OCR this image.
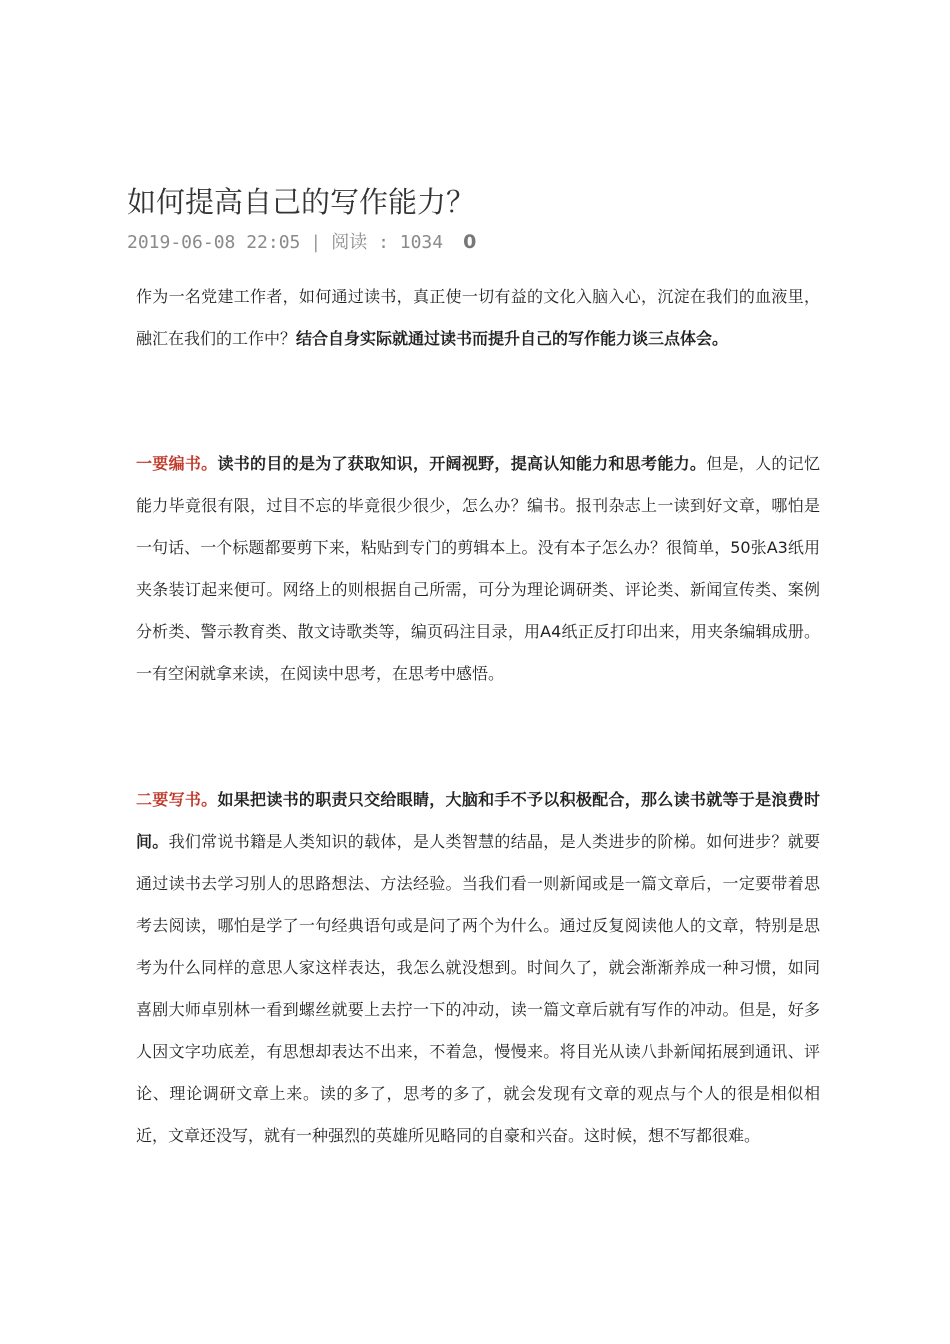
如何提高自己的写作能力？
2019-06-08 22:05 | 阅读 : 1034 0

作为一名党建工作者，如何通过读书，真正使一切有益的文化入脑入心，沉淀在我们的血液里，融汇在我们的工作中？结合自身实际就通过读书而提升自己的写作能力谈三点体会。

一要编书。读书的目的是为了获取知识，开阔视野，提高认知能力和思考能力。但是，人的记忆能力毕竟很有限，过目不忘的毕竟很少很少，怎么办？编书。报刊杂志上一读到好文章，哪怕是一句话、一个标题都要剪下来，粘贴到专门的剪辑本上。没有本子怎么办？很简单，50张A3纸用夹条装订起来便可。网络上的则根据自己所需，可分为理论调研类、评论类、新闻宣传类、案例分析类、警示教育类、散文诗歌类等，编页码注目录，用A4纸正反打印出来，用夹条编辑成册。一有空闲就拿来读，在阅读中思考，在思考中感悟。

二要写书。如果把读书的职责只交给眼睛，大脑和手不予以积极配合，那么读书就等于是浪费时间。我们常说书籍是人类知识的载体，是人类智慧的结晶，是人类进步的阶梯。如何进步？就要通过读书去学习别人的思路想法、方法经验。当我们看一则新闻或是一篇文章后，一定要带着思考去阅读，哪怕是学了一句经典语句或是问了两个为什么。通过反复阅读他人的文章，特别是思考为什么同样的意思人家这样表达，我怎么就没想到。时间久了，就会渐渐养成一种习惯，如同喜剧大师卓别林一看到螺丝就要上去拧一下的冲动，读一篇文章后就有写作的冲动。但是，好多人因文字功底差，有思想却表达不出来，不着急，慢慢来。将目光从读八卦新闻拓展到通讯、评论、理论调研文章上来。读的多了，思考的多了，就会发现有文章的观点与个人的很是相似相近，文章还没写，就有一种强烈的英雄所见略同的自豪和兴奋。这时候，想不写都很难。
